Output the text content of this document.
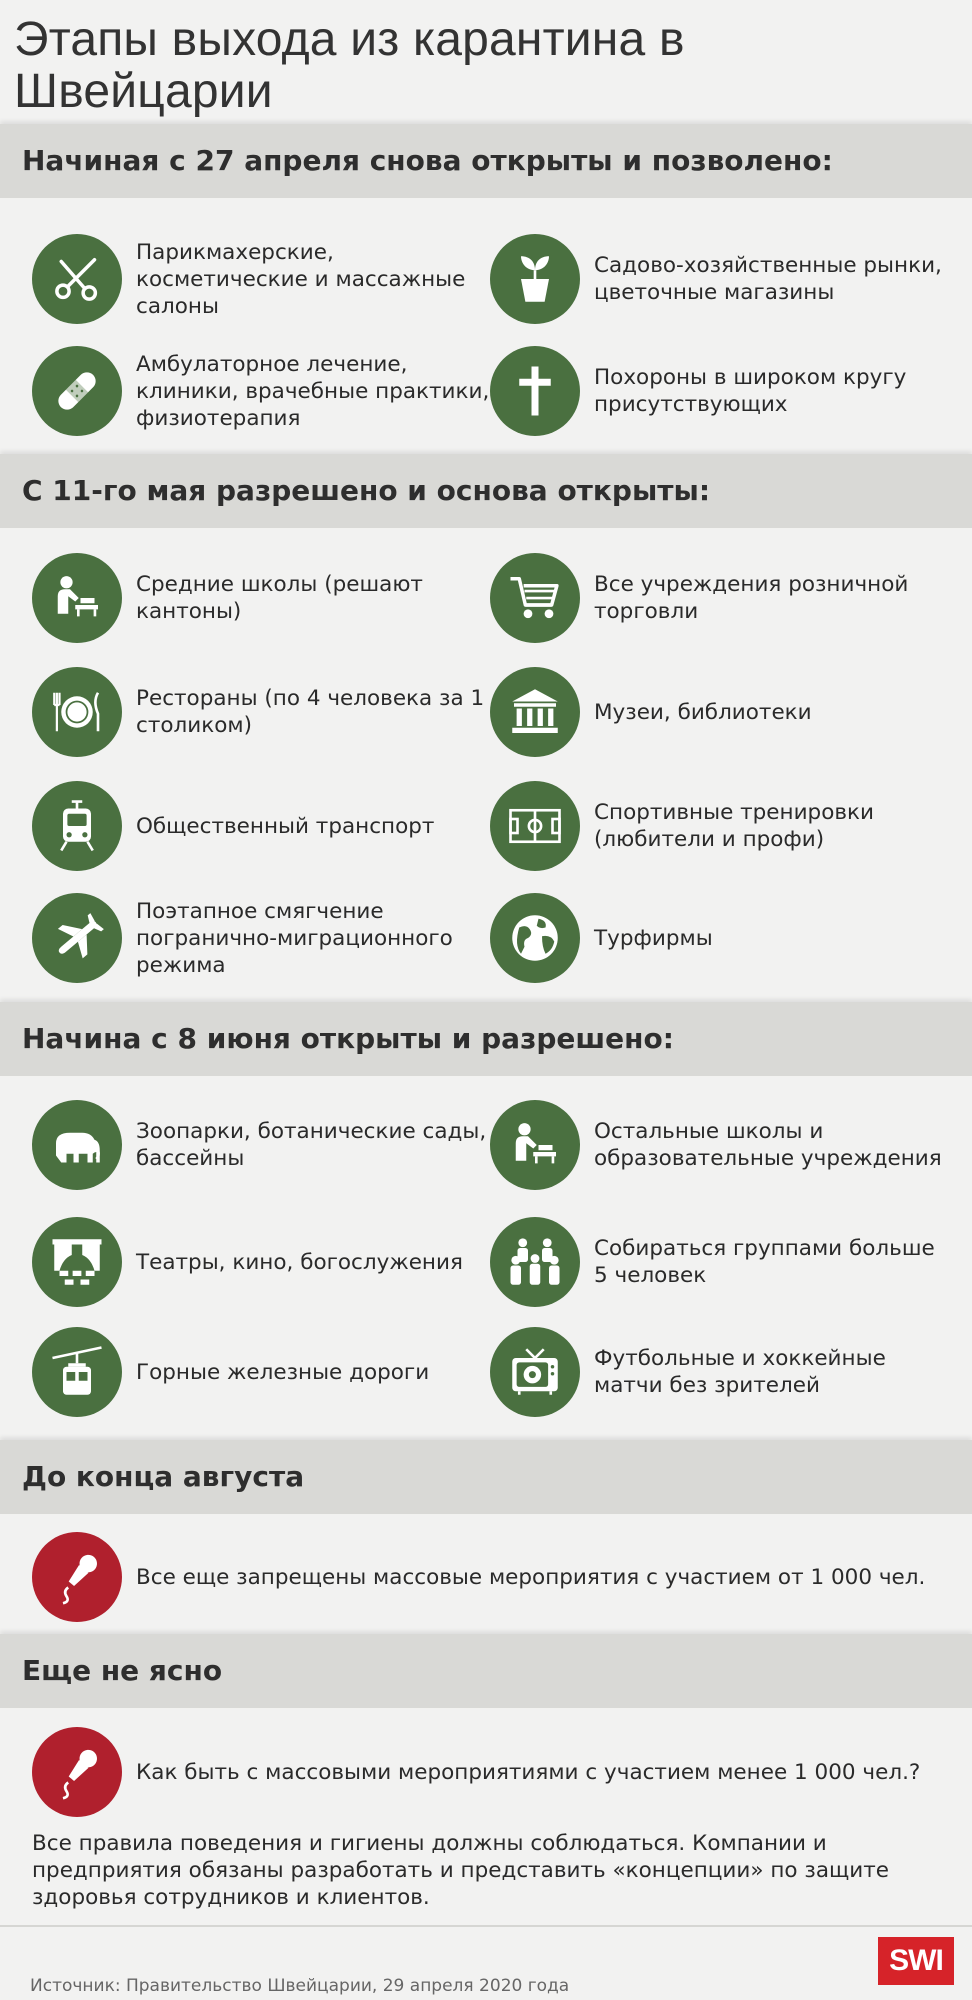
Этапы выхода из карантина в Швейцарии
Начиная с 27 апреля снова открыты и позволено:
Парикмахерские, косметические и массажные салоны
Садово-хозяйственные рынки, цветочные магазины
Амбулаторное лечение, клиники, врачебные практики, физиотерапия
Похороны в широком кругу присутствующих
С 11-го мая разрешено и основа открыты:
Средние школы (решают кантоны)
Все учреждения розничной торговли
Рестораны (по 4 человека за 1 столиком)
Музеи, библиотеки
Общественный транспорт
Спортивные тренировки (любители и профи)
Поэтапное смягчение погранично-миграционного режима
Турфирмы
Начина с 8 июня открыты и разрешено:
Зоопарки, ботанические сады, бассейны
Остальные школы и образовательные учреждения
Театры, кино, богослужения
Собираться группами больше 5 человек
Горные железные дороги
Футбольные и хоккейные матчи без зрителей
До конца августа
Все еще запрещены массовые мероприятия с участием от 1 000 чел.
Еще не ясно
Как быть с массовыми мероприятиями с участием менее 1 000 чел.?

Все правила поведения и гигиены должны соблюдаться. Компании и предприятия обязаны разработать и представить «концепции» по защите здоровья сотрудников и клиентов.

Источник: Правительство Швейцарии, 29 апреля 2020 года
SWI
